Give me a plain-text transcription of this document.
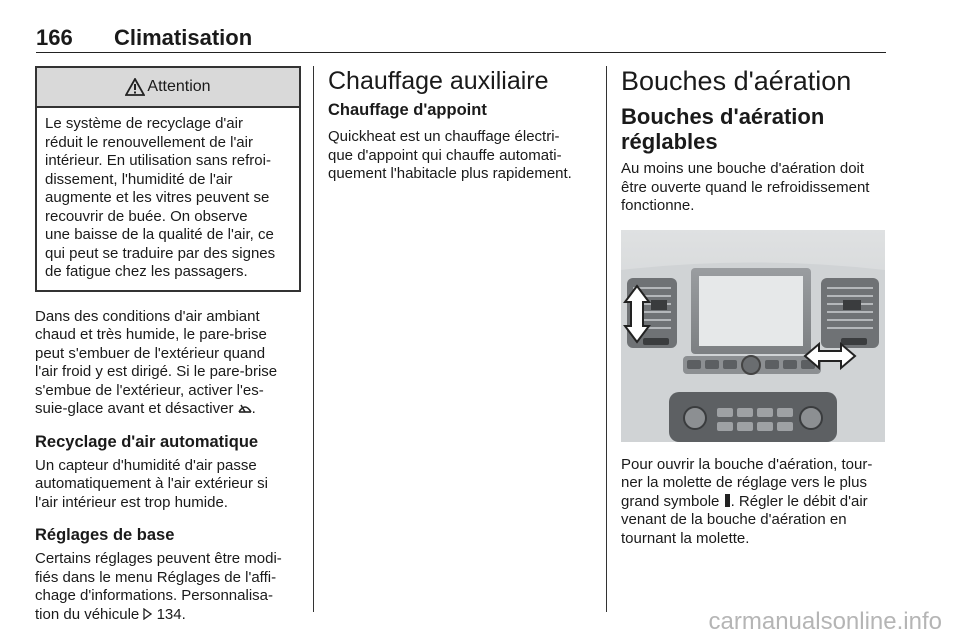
166 Climatisation
Attention
Le système de recyclage d'air
réduit le renouvellement de l'air
intérieur. En utilisation sans refroi-
dissement, l'humidité de l'air
augmente et les vitres peuvent se
recouvrir de buée. On observe
une baisse de la qualité de l'air, ce
qui peut se traduire par des signes
de fatigue chez les passagers.

Dans des conditions d'air ambiant
chaud et très humide, le pare-brise
peut s'embuer de l'extérieur quand
l'air froid y est dirigé. Si le pare-brise
s'embue de l'extérieur, activer l'es-
suie-glace avant et désactiver .

Recyclage d'air automatique

Un capteur d'humidité d'air passe
automatiquement à l'air extérieur si
l'air intérieur est trop humide.

Réglages de base

Certains réglages peuvent être modi-
fiés dans le menu Réglages de l'affi-
chage d'informations. Personnalisa-
tion du véhicule 134.

Chauffage auxiliaire
Chauffage d'appoint

Quickheat est un chauffage électri-
que d'appoint qui chauffe automati-
quement l'habitacle plus rapidement.

Bouches d'aération
Bouches d'aération
réglables

Au moins une bouche d'aération doit
être ouverte quand le refroidissement
fonctionne.

Pour ouvrir la bouche d'aération, tour-
ner la molette de réglage vers le plus
grand symbole . Régler le débit d'air
venant de la bouche d'aération en
tournant la molette.

carmanualsonline.info
